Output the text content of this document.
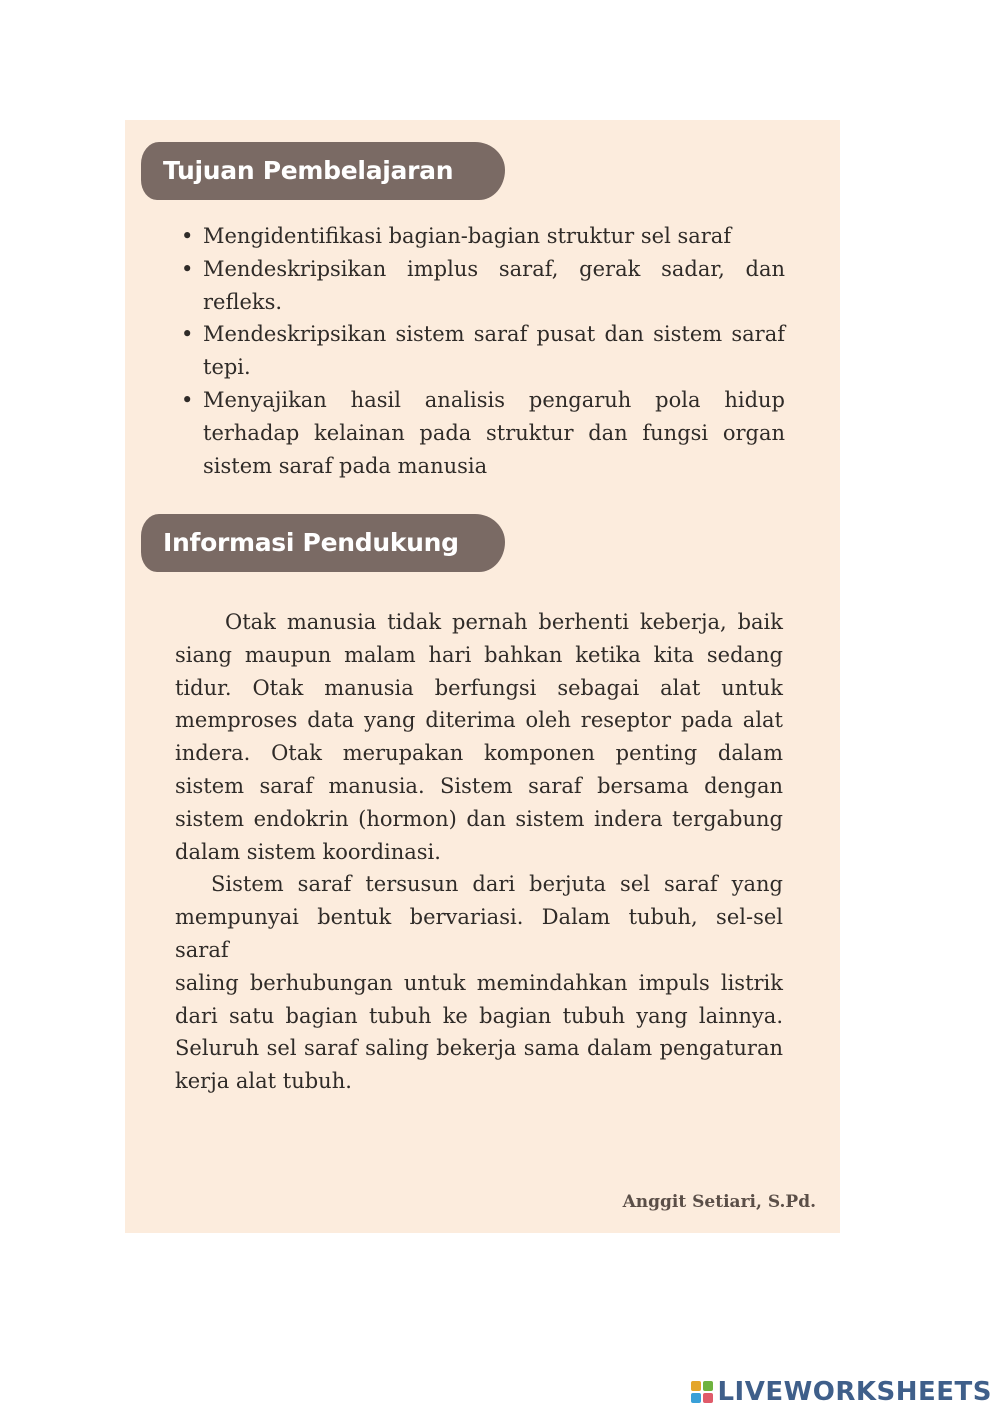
Tujuan Pembelajaran
• Mengidentifikasi bagian-bagian struktur sel saraf
• Mendeskripsikan implus saraf, gerak sadar, dan refleks.
• Mendeskripsikan sistem saraf pusat dan sistem saraf tepi.
• Menyajikan hasil analisis pengaruh pola hidup terhadap kelainan pada struktur dan fungsi organ sistem saraf pada manusia
Informasi Pendukung

Otak manusia tidak pernah berhenti keberja, baik siang maupun malam hari bahkan ketika kita sedang tidur. Otak manusia berfungsi sebagai alat untuk memproses data yang diterima oleh reseptor pada alat indera. Otak merupakan komponen penting dalam sistem saraf manusia. Sistem saraf bersama dengan sistem endokrin (hormon) dan sistem indera tergabung dalam sistem koordinasi.

Sistem saraf tersusun dari berjuta sel saraf yang mempunyai bentuk bervariasi. Dalam tubuh, sel-sel saraf

saling berhubungan untuk memindahkan impuls listrik dari satu bagian tubuh ke bagian tubuh yang lainnya. Seluruh sel saraf saling bekerja sama dalam pengaturan kerja alat tubuh.

Anggit Setiari, S.Pd.
LIVEWORKSHEETS
